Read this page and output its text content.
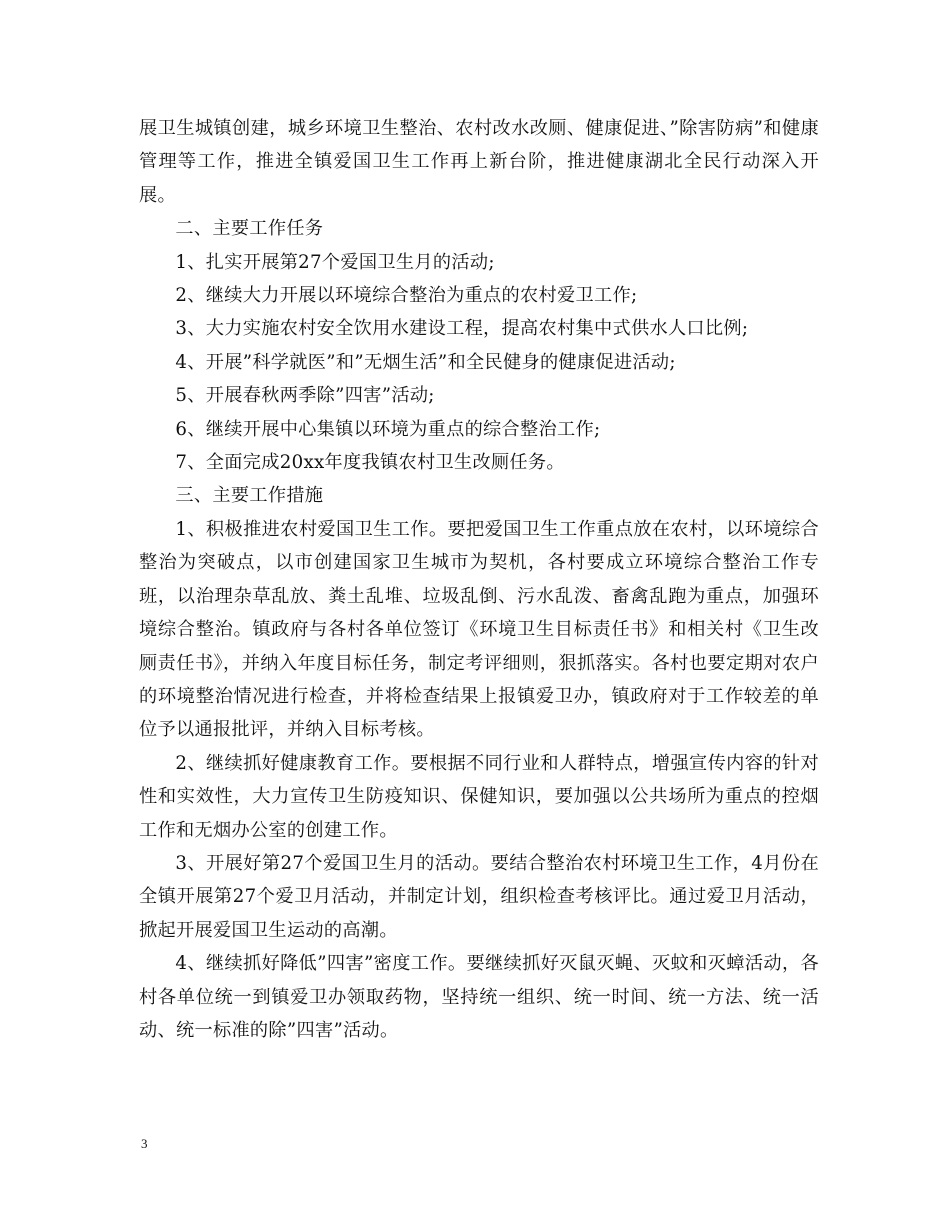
展卫生城镇创建，城乡环境卫生整治、农村改水改厕、健康促进、”除害防病”和健康管理等工作，推进全镇爱国卫生工作再上新台阶，推进健康湖北全民行动深入开展。

二、主要工作任务

1、扎实开展第27个爱国卫生月的活动;

2、继续大力开展以环境综合整治为重点的农村爱卫工作;

3、大力实施农村安全饮用水建设工程，提高农村集中式供水人口比例;

4、开展”科学就医”和”无烟生活”和全民健身的健康促进活动;

5、开展春秋两季除”四害”活动;

6、继续开展中心集镇以环境为重点的综合整治工作;

7、全面完成20xx年度我镇农村卫生改厕任务。

三、主要工作措施

1、积极推进农村爱国卫生工作。要把爱国卫生工作重点放在农村，以环境综合整治为突破点，以市创建国家卫生城市为契机，各村要成立环境综合整治工作专班，以治理杂草乱放、粪土乱堆、垃圾乱倒、污水乱泼、畜禽乱跑为重点，加强环境综合整治。镇政府与各村各单位签订《环境卫生目标责任书》和相关村《卫生改厕责任书》，并纳入年度目标任务，制定考评细则，狠抓落实。各村也要定期对农户的环境整治情况进行检查，并将检查结果上报镇爱卫办，镇政府对于工作较差的单位予以通报批评，并纳入目标考核。

2、继续抓好健康教育工作。要根据不同行业和人群特点，增强宣传内容的针对性和实效性，大力宣传卫生防疫知识、保健知识，要加强以公共场所为重点的控烟工作和无烟办公室的创建工作。

3、开展好第27个爱国卫生月的活动。要结合整治农村环境卫生工作，4月份在全镇开展第27个爱卫月活动，并制定计划，组织检查考核评比。通过爱卫月活动，掀起开展爱国卫生运动的高潮。

4、继续抓好降低”四害”密度工作。要继续抓好灭鼠灭蝇、灭蚊和灭蟑活动，各村各单位统一到镇爱卫办领取药物，坚持统一组织、统一时间、统一方法、统一活动、统一标准的除”四害”活动。

3
